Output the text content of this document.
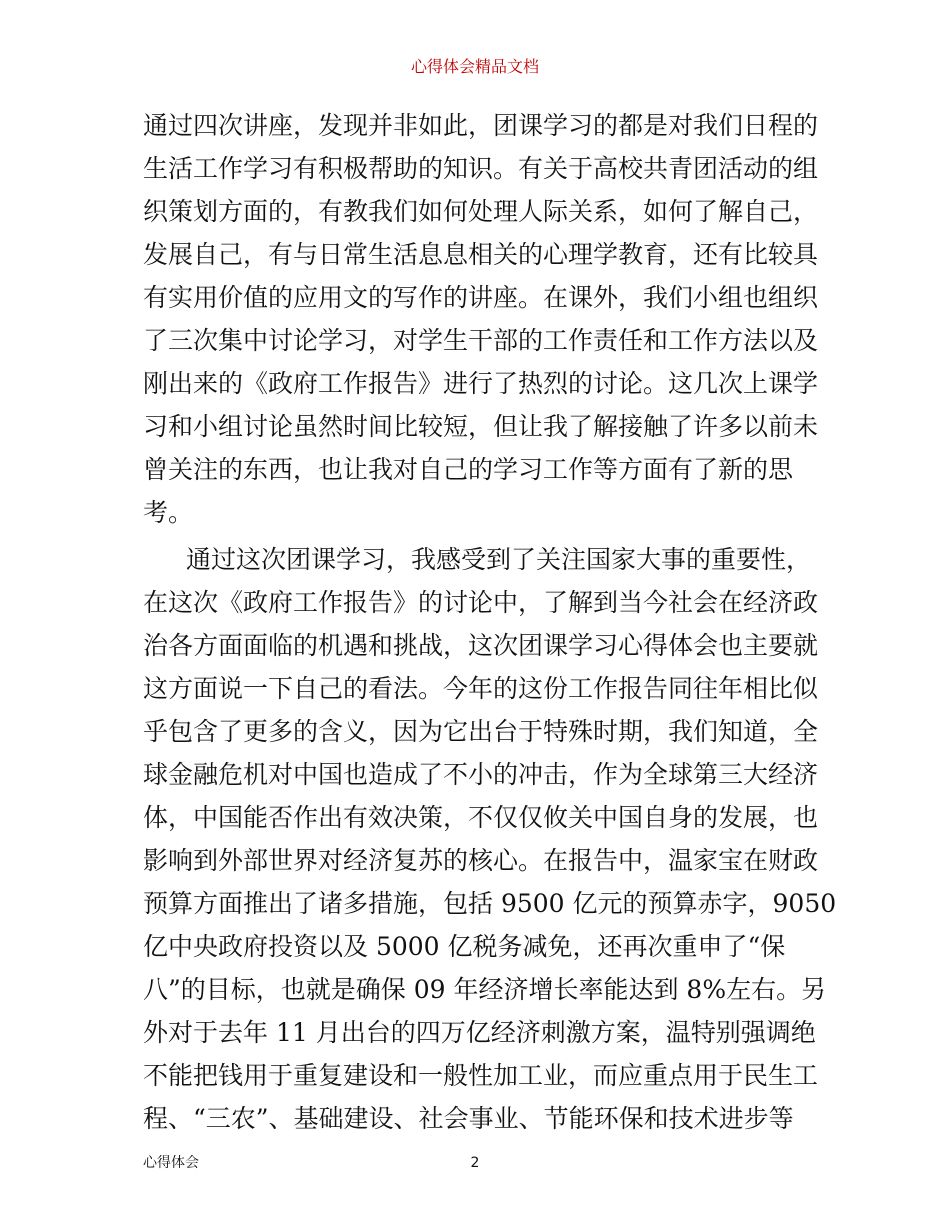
心得体会精品文档
通过四次讲座，发现并非如此，团课学习的都是对我们日程的
生活工作学习有积极帮助的知识。有关于高校共青团活动的组
织策划方面的，有教我们如何处理人际关系，如何了解自己，
发展自己，有与日常生活息息相关的心理学教育，还有比较具
有实用价值的应用文的写作的讲座。在课外，我们小组也组织
了三次集中讨论学习，对学生干部的工作责任和工作方法以及
刚出来的《政府工作报告》进行了热烈的讨论。这几次上课学
习和小组讨论虽然时间比较短，但让我了解接触了许多以前未
曾关注的东西，也让我对自己的学习工作等方面有了新的思
考。
通过这次团课学习，我感受到了关注国家大事的重要性，
在这次《政府工作报告》的讨论中，了解到当今社会在经济政
治各方面面临的机遇和挑战，这次团课学习心得体会也主要就
这方面说一下自己的看法。今年的这份工作报告同往年相比似
乎包含了更多的含义，因为它出台于特殊时期，我们知道，全
球金融危机对中国也造成了不小的冲击，作为全球第三大经济
体，中国能否作出有效决策，不仅仅攸关中国自身的发展，也
影响到外部世界对经济复苏的核心。在报告中，温家宝在财政
预算方面推出了诸多措施，包括 9500 亿元的预算赤字，9050
亿中央政府投资以及 5000 亿税务减免，还再次重申了“保
八”的目标，也就是确保 09 年经济增长率能达到 8%左右。另
外对于去年 11 月出台的四万亿经济刺激方案，温特别强调绝
不能把钱用于重复建设和一般性加工业，而应重点用于民生工
程、“三农”、基础建设、社会事业、节能环保和技术进步等
心得体会	2
